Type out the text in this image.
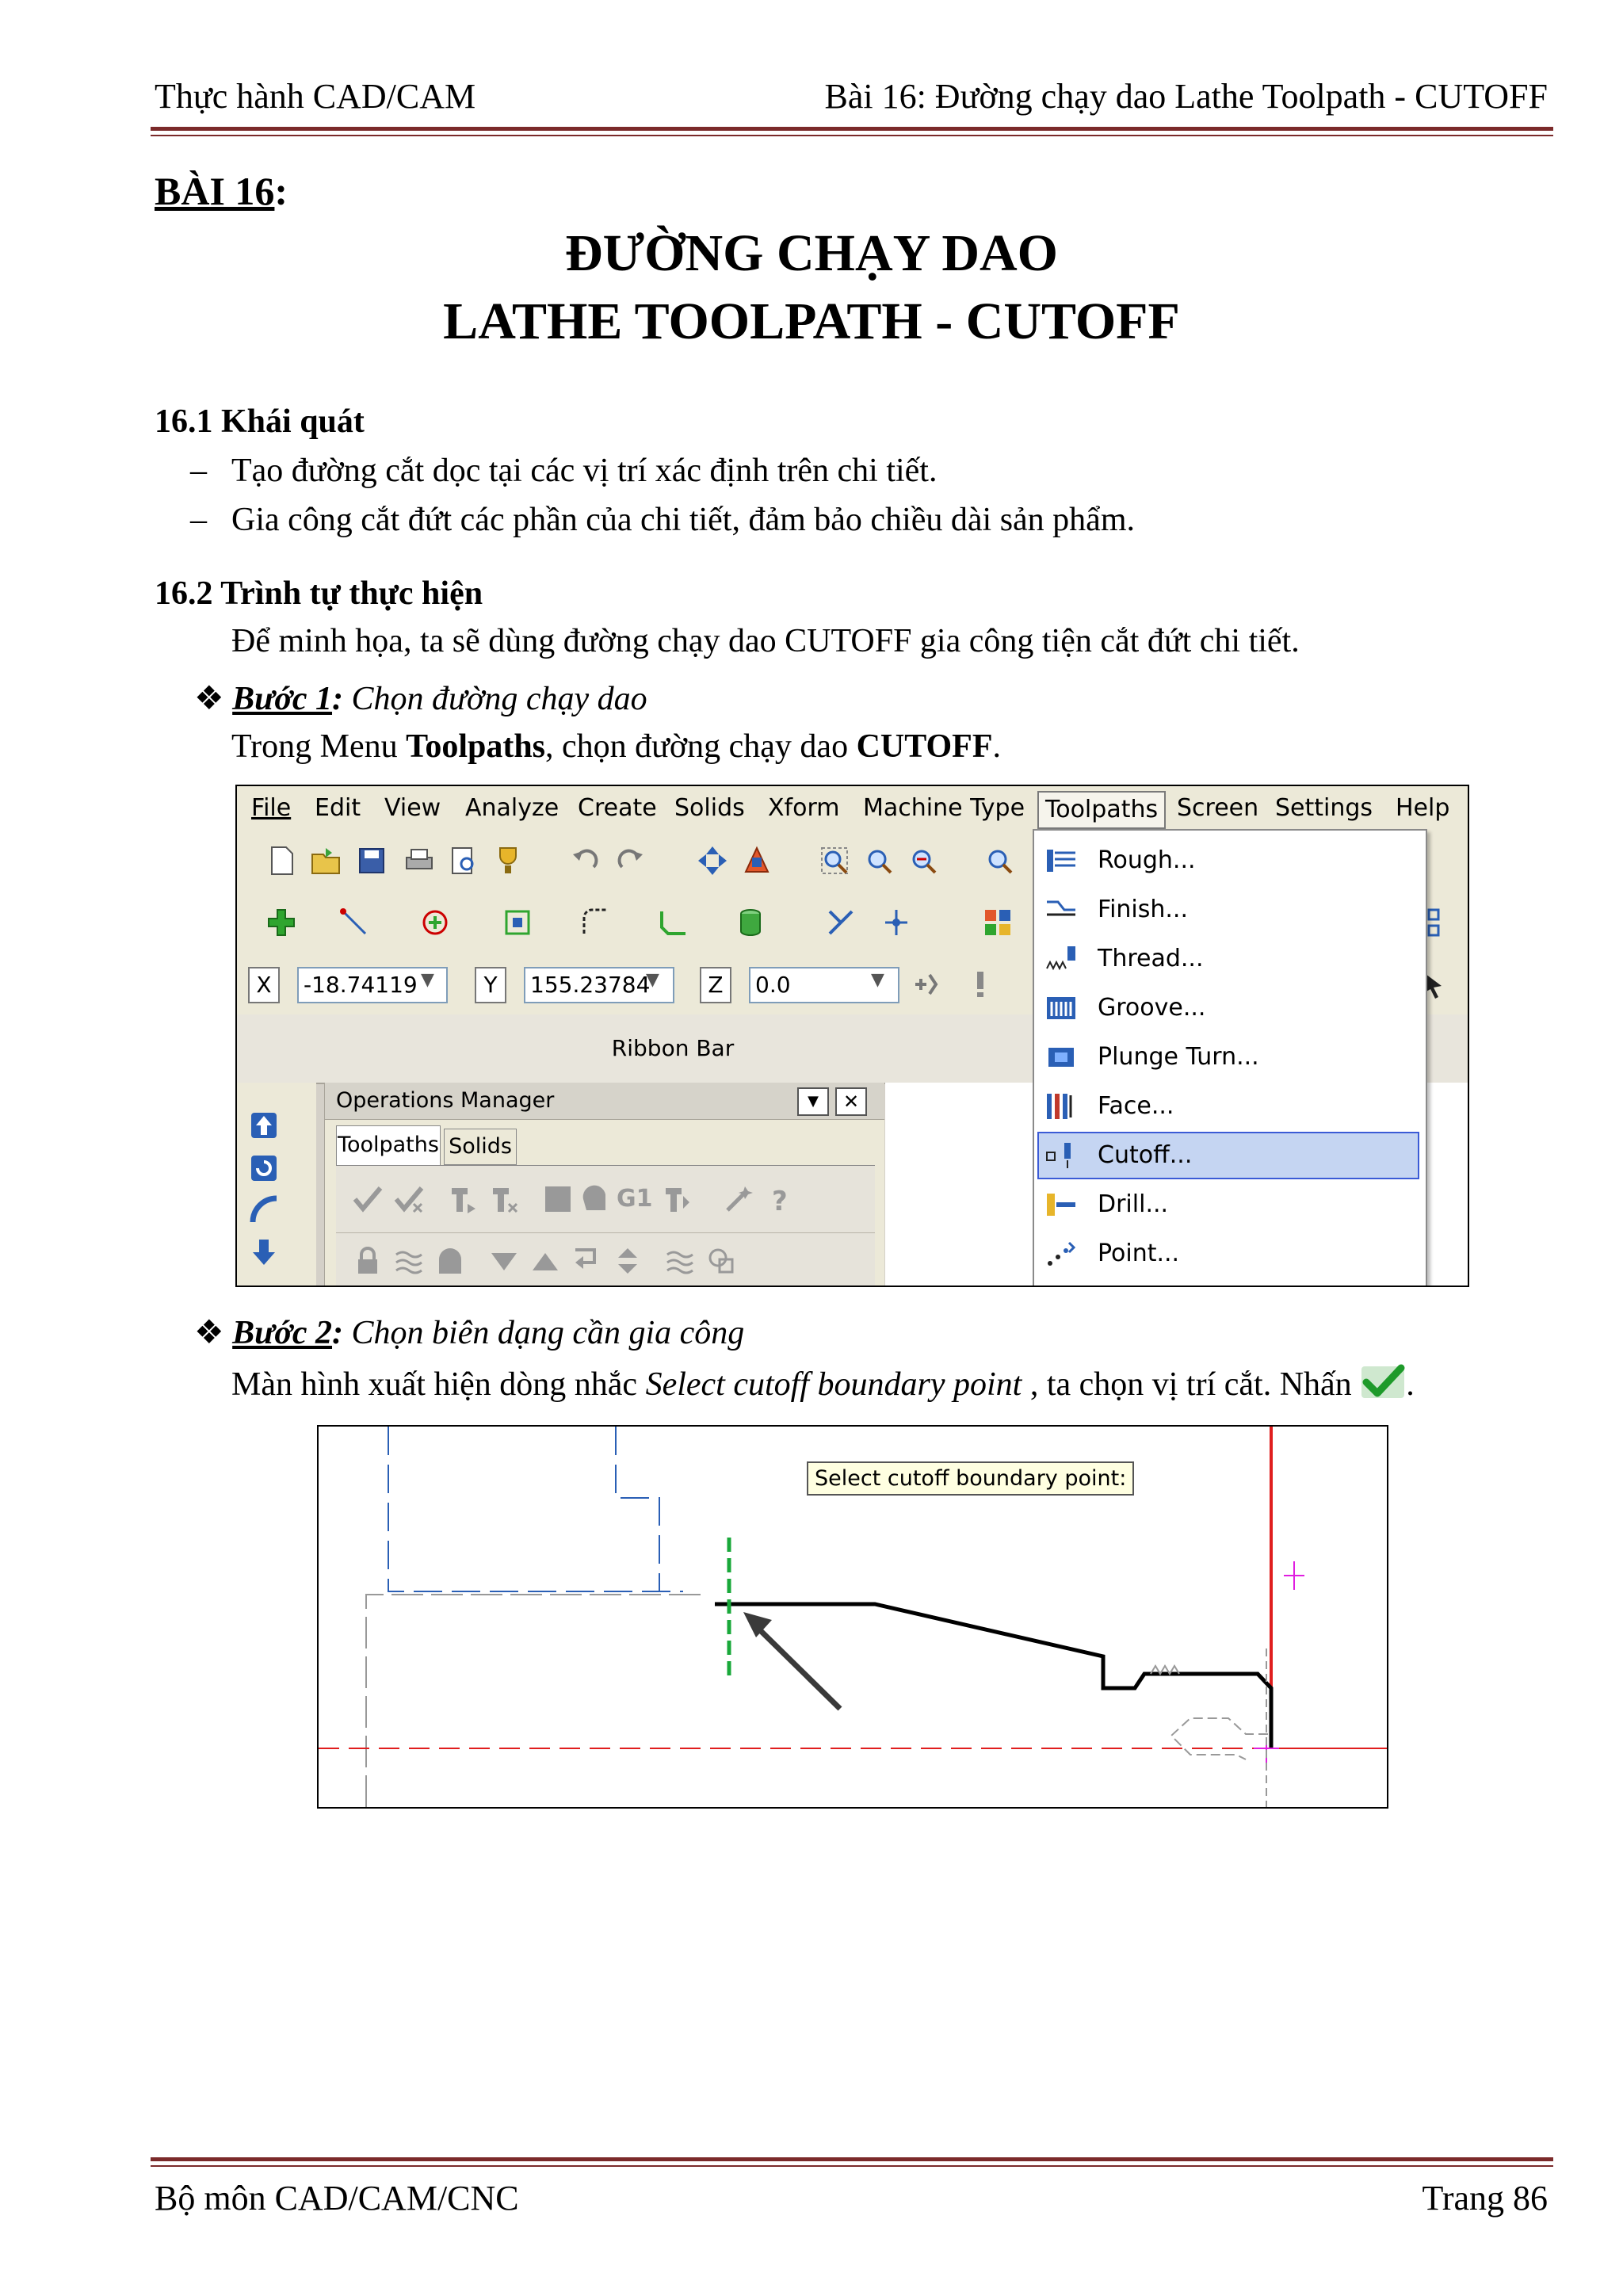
Thực hành CAD/CAM	Bài 16: Đường chạy dao Lathe Toolpath - CUTOFF
BÀI 16:
ĐƯỜNG CHẠY DAO
LATHE TOOLPATH - CUTOFF
16.1 Khái quát
– Tạo đường cắt dọc tại các vị trí xác định trên chi tiết.
– Gia công cắt đứt các phần của chi tiết, đảm bảo chiều dài sản phẩm.
16.2 Trình tự thực hiện
Để minh họa, ta sẽ dùng đường chạy dao CUTOFF gia công tiện cắt đứt chi tiết.
❖ Bước 1: Chọn đường chạy dao
Trong Menu Toolpaths, chọn đường chạy dao CUTOFF.
File Edit View Analyze Create Solids Xform Machine Type Toolpaths Screen Settings Help
X	-18.74119 ▼	Y	155.23784
▼	Z	0.0	▼
Ribbon Bar
Operations Manager	▼	✕
Toolpaths Solids
G1	?
Rough...
Finish...
Thread...
Groove...
Plunge Turn...
Face...
Cutoff...
Drill...
Point...
❖ Bước 2: Chọn biên dạng cần gia công
Màn hình xuất hiện dòng nhắc Select cutoff boundary point , ta chọn vị trí cắt. Nhấn .
Select cutoff boundary point:
Bộ môn CAD/CAM/CNC	Trang 86
